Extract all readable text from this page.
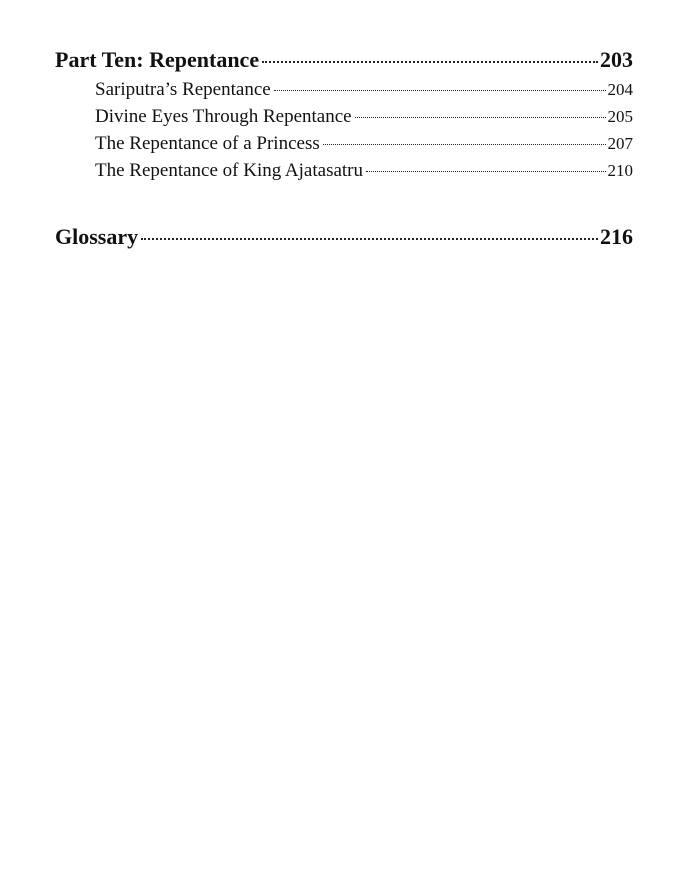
Part Ten: Repentance	203
Sariputra’s Repentance	204
Divine Eyes Through Repentance	205
The Repentance of a Princess	207
The Repentance of King Ajatasatru	210
Glossary	216
